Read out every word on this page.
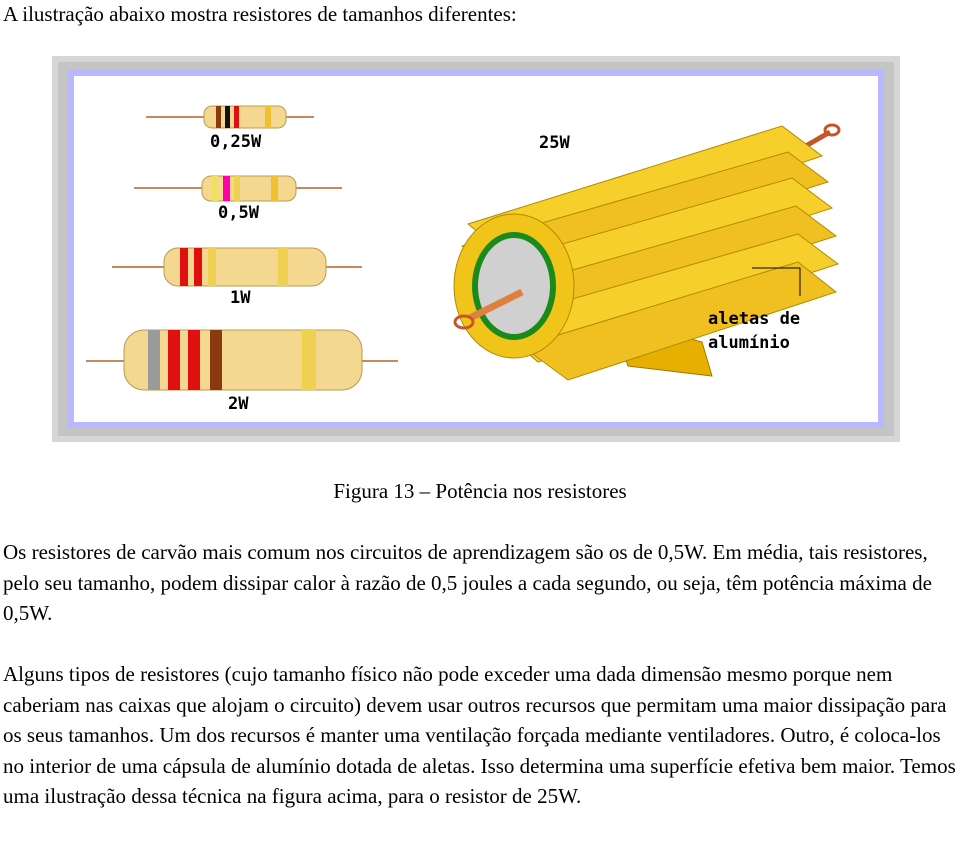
A ilustração abaixo mostra resistores de tamanhos diferentes:

0,25W
0,5W
1W
2W
25W
aletas de
alumínio

Figura 13 – Potência nos resistores

Os resistores de carvão mais comum nos circuitos de aprendizagem são os de 0,5W. Em média, tais resistores, pelo seu tamanho, podem dissipar calor à razão de 0,5 joules a cada segundo, ou seja, têm potência máxima de 0,5W.

Alguns tipos de resistores (cujo tamanho físico não pode exceder uma dada dimensão mesmo porque nem caberiam nas caixas que alojam o circuito) devem usar outros recursos que permitam uma maior dissipação para os seus tamanhos. Um dos recursos é manter uma ventilação forçada mediante ventiladores. Outro, é coloca-los no interior de uma cápsula de alumínio dotada de aletas. Isso determina uma superfície efetiva bem maior. Temos uma ilustração dessa técnica na figura acima, para o resistor de 25W.
